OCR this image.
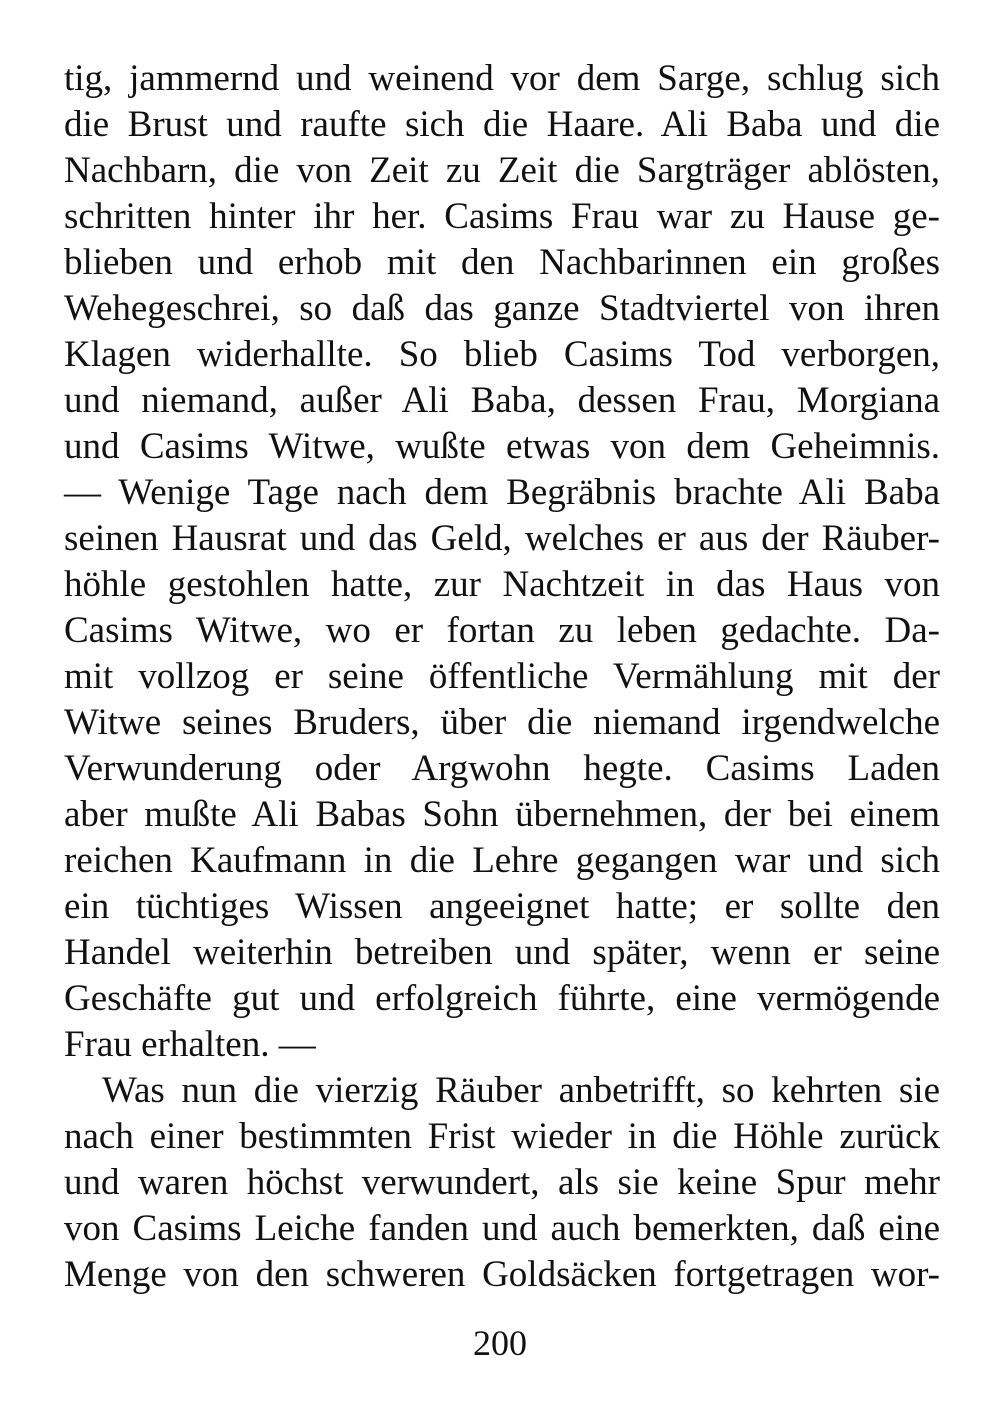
tig, jammernd und weinend vor dem Sarge, schlug sich
die Brust und raufte sich die Haare. Ali Baba und die
Nachbarn, die von Zeit zu Zeit die Sargträger ablösten,
schritten hinter ihr her. Casims Frau war zu Hause ge-
blieben und erhob mit den Nachbarinnen ein großes
Wehegeschrei, so daß das ganze Stadtviertel von ihren
Klagen widerhallte. So blieb Casims Tod verborgen,
und niemand, außer Ali Baba, dessen Frau, Morgiana
und Casims Witwe, wußte etwas von dem Geheimnis.
— Wenige Tage nach dem Begräbnis brachte Ali Baba
seinen Hausrat und das Geld, welches er aus der Räuber-
höhle gestohlen hatte, zur Nachtzeit in das Haus von
Casims Witwe, wo er fortan zu leben gedachte. Da-
mit vollzog er seine öffentliche Vermählung mit der
Witwe seines Bruders, über die niemand irgendwelche
Verwunderung oder Argwohn hegte. Casims Laden
aber mußte Ali Babas Sohn übernehmen, der bei einem
reichen Kaufmann in die Lehre gegangen war und sich
ein tüchtiges Wissen angeeignet hatte; er sollte den
Handel weiterhin betreiben und später, wenn er seine
Geschäfte gut und erfolgreich führte, eine vermögende
Frau erhalten. —
Was nun die vierzig Räuber anbetrifft, so kehrten sie
nach einer bestimmten Frist wieder in die Höhle zurück
und waren höchst verwundert, als sie keine Spur mehr
von Casims Leiche fanden und auch bemerkten, daß eine
Menge von den schweren Goldsäcken fortgetragen wor-
200
